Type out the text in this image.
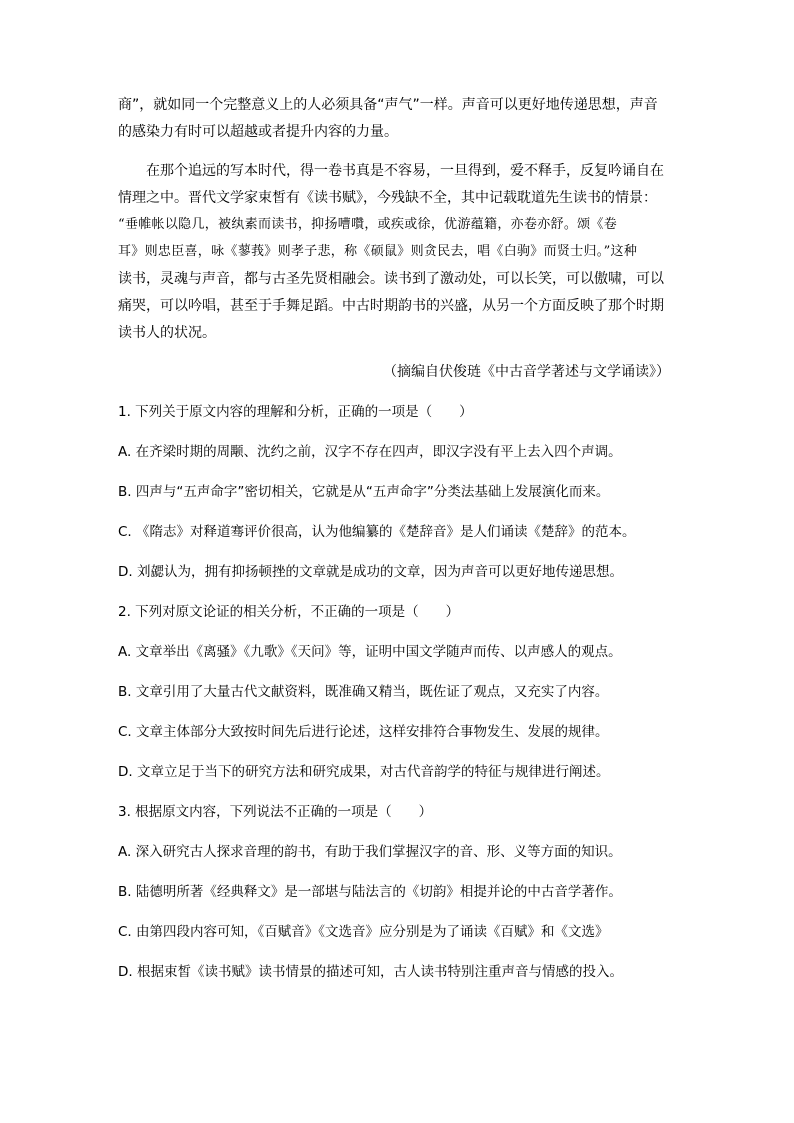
商”，就如同一个完整意义上的人必须具备“声气”一样。声音可以更好地传递思想，声音
的感染力有时可以超越或者提升内容的力量。
在那个追远的写本时代，得一卷书真是不容易，一旦得到，爱不释手，反复吟诵自在
情理之中。晋代文学家束皙有《读书赋》，今残缺不全，其中记载耽道先生读书的情景：
“垂帷帐以隐几，被纨素而读书，抑扬嘈囋，或疾或徐，优游蕴籍，亦卷亦舒。颂《卷
耳》则忠臣喜，咏《蓼莪》则孝子悲，称《硕鼠》则贪民去，唱《白驹》而贤士归。”这种
读书，灵魂与声音，都与古圣先贤相融会。读书到了激动处，可以长笑，可以傲啸，可以
痛哭，可以吟唱，甚至于手舞足蹈。中古时期韵书的兴盛，从另一个方面反映了那个时期
读书人的状况。
（摘编自伏俊琏《中古音学著述与文学诵读》）
1. 下列关于原文内容的理解和分析，正确的一项是（　　）
A. 在齐梁时期的周颙、沈约之前，汉字不存在四声，即汉字没有平上去入四个声调。
B. 四声与“五声命字”密切相关，它就是从“五声命字”分类法基础上发展演化而来。
C. 《隋志》对释道骞评价很高，认为他编纂的《楚辞音》是人们诵读《楚辞》的范本。
D. 刘勰认为，拥有抑扬顿挫的文章就是成功的文章，因为声音可以更好地传递思想。
2. 下列对原文论证的相关分析，不正确的一项是（　　）
A. 文章举出《离骚》《九歌》《天问》等，证明中国文学随声而传、以声感人的观点。
B. 文章引用了大量古代文献资料，既准确又精当，既佐证了观点，又充实了内容。
C. 文章主体部分大致按时间先后进行论述，这样安排符合事物发生、发展的规律。
D. 文章立足于当下的研究方法和研究成果，对古代音韵学的特征与规律进行阐述。
3. 根据原文内容，下列说法不正确的一项是（　　）
A. 深入研究古人探求音理的韵书，有助于我们掌握汉字的音、形、义等方面的知识。
B. 陆德明所著《经典释文》是一部堪与陆法言的《切韵》相提并论的中古音学著作。
C. 由第四段内容可知，《百赋音》《文选音》应分别是为了诵读《百赋》和《文选》
D. 根据束皙《读书赋》读书情景的描述可知，古人读书特别注重声音与情感的投入。
